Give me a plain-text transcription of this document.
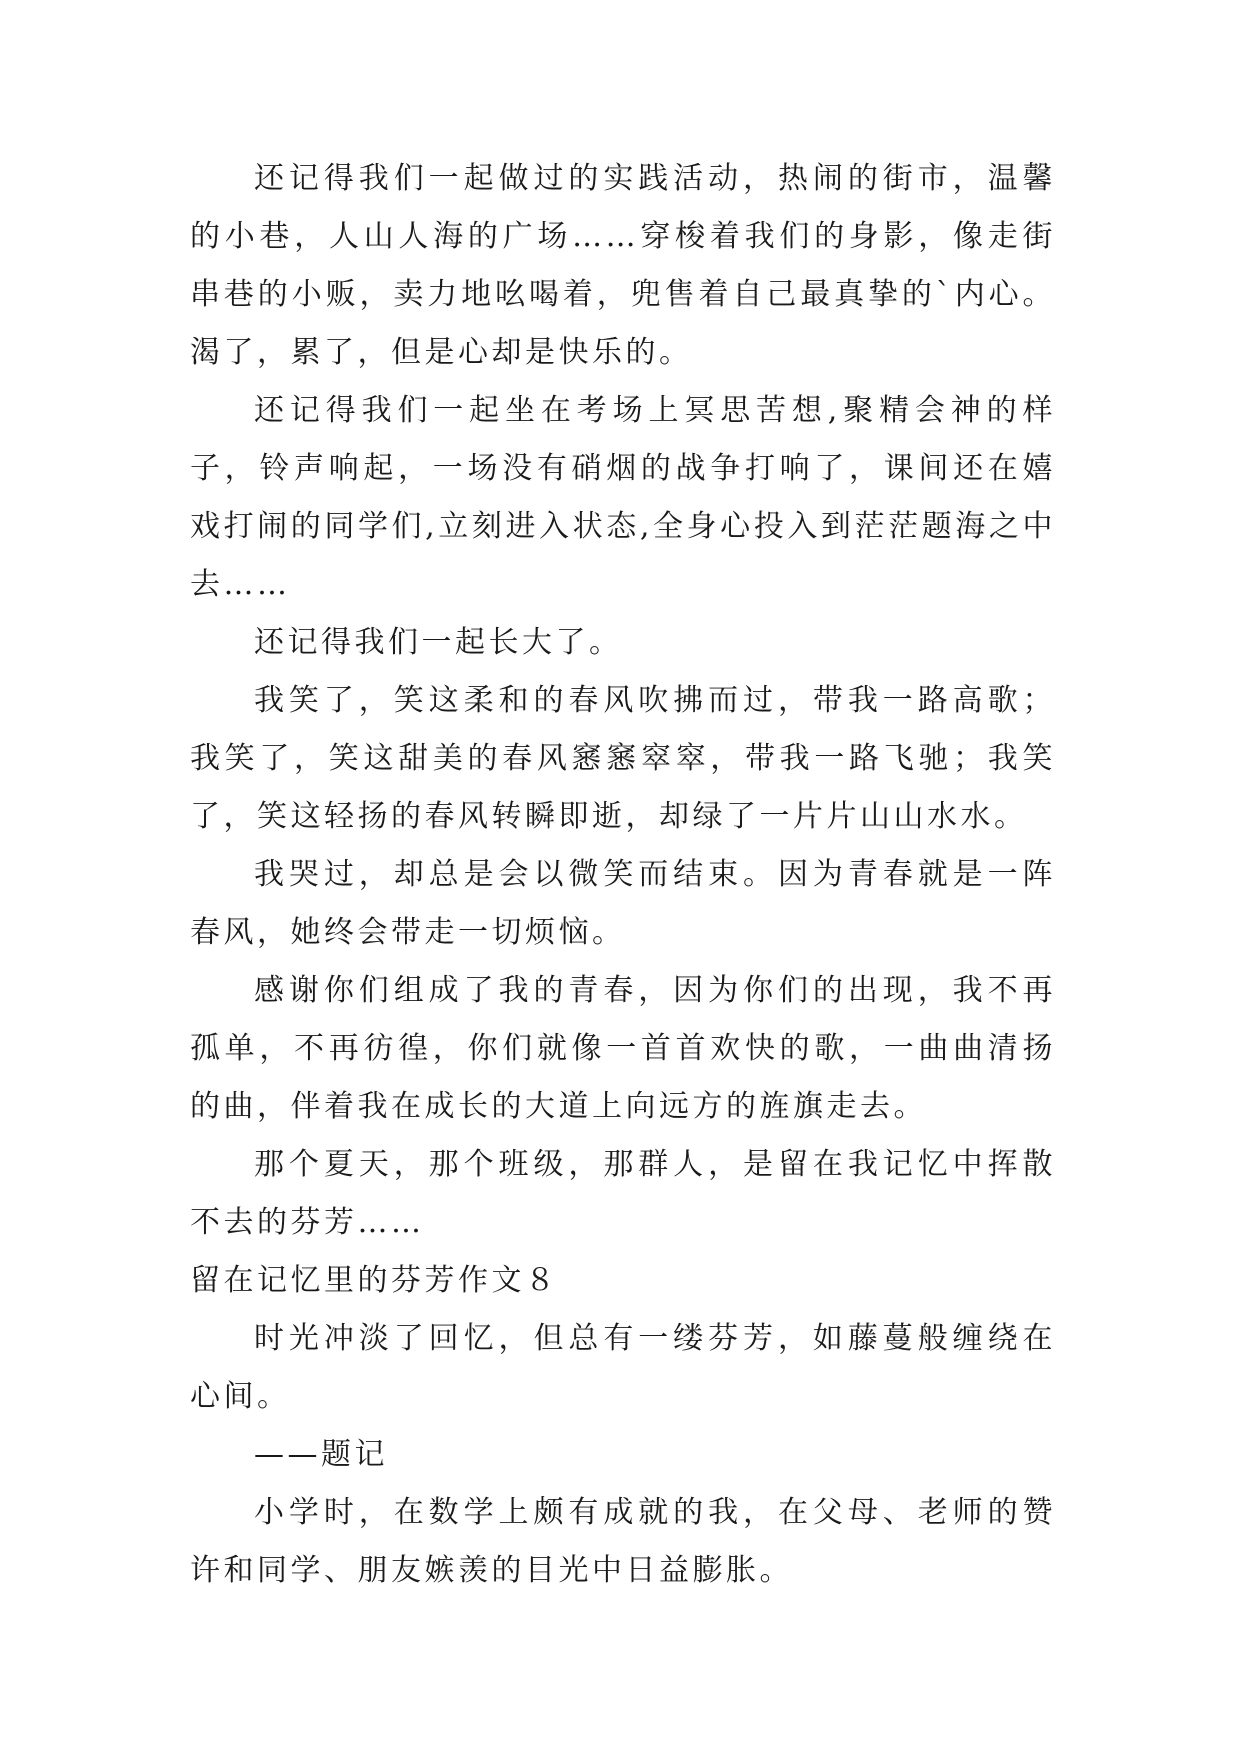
还记得我们一起做过的实践活动，热闹的街市，温馨的小巷，人山人海的广场……穿梭着我们的身影，像走街串巷的小贩，卖力地吆喝着，兜售着自己最真挚的`内心。渴了，累了，但是心却是快乐的。

还记得我们一起坐在考场上冥思苦想,聚精会神的样子，铃声响起，一场没有硝烟的战争打响了，课间还在嬉戏打闹的同学们,立刻进入状态,全身心投入到茫茫题海之中去……

还记得我们一起长大了。

我笑了，笑这柔和的春风吹拂而过，带我一路高歌；我笑了，笑这甜美的春风窸窸窣窣，带我一路飞驰；我笑了，笑这轻扬的春风转瞬即逝，却绿了一片片山山水水。

我哭过，却总是会以微笑而结束。因为青春就是一阵春风，她终会带走一切烦恼。

感谢你们组成了我的青春，因为你们的出现，我不再孤单，不再彷徨，你们就像一首首欢快的歌，一曲曲清扬的曲，伴着我在成长的大道上向远方的旌旗走去。

那个夏天，那个班级，那群人，是留在我记忆中挥散不去的芬芳……

留在记忆里的芬芳作文８

时光冲淡了回忆，但总有一缕芬芳，如藤蔓般缠绕在心间。

——题记

小学时，在数学上颇有成就的我，在父母、老师的赞许和同学、朋友嫉羡的目光中日益膨胀。
